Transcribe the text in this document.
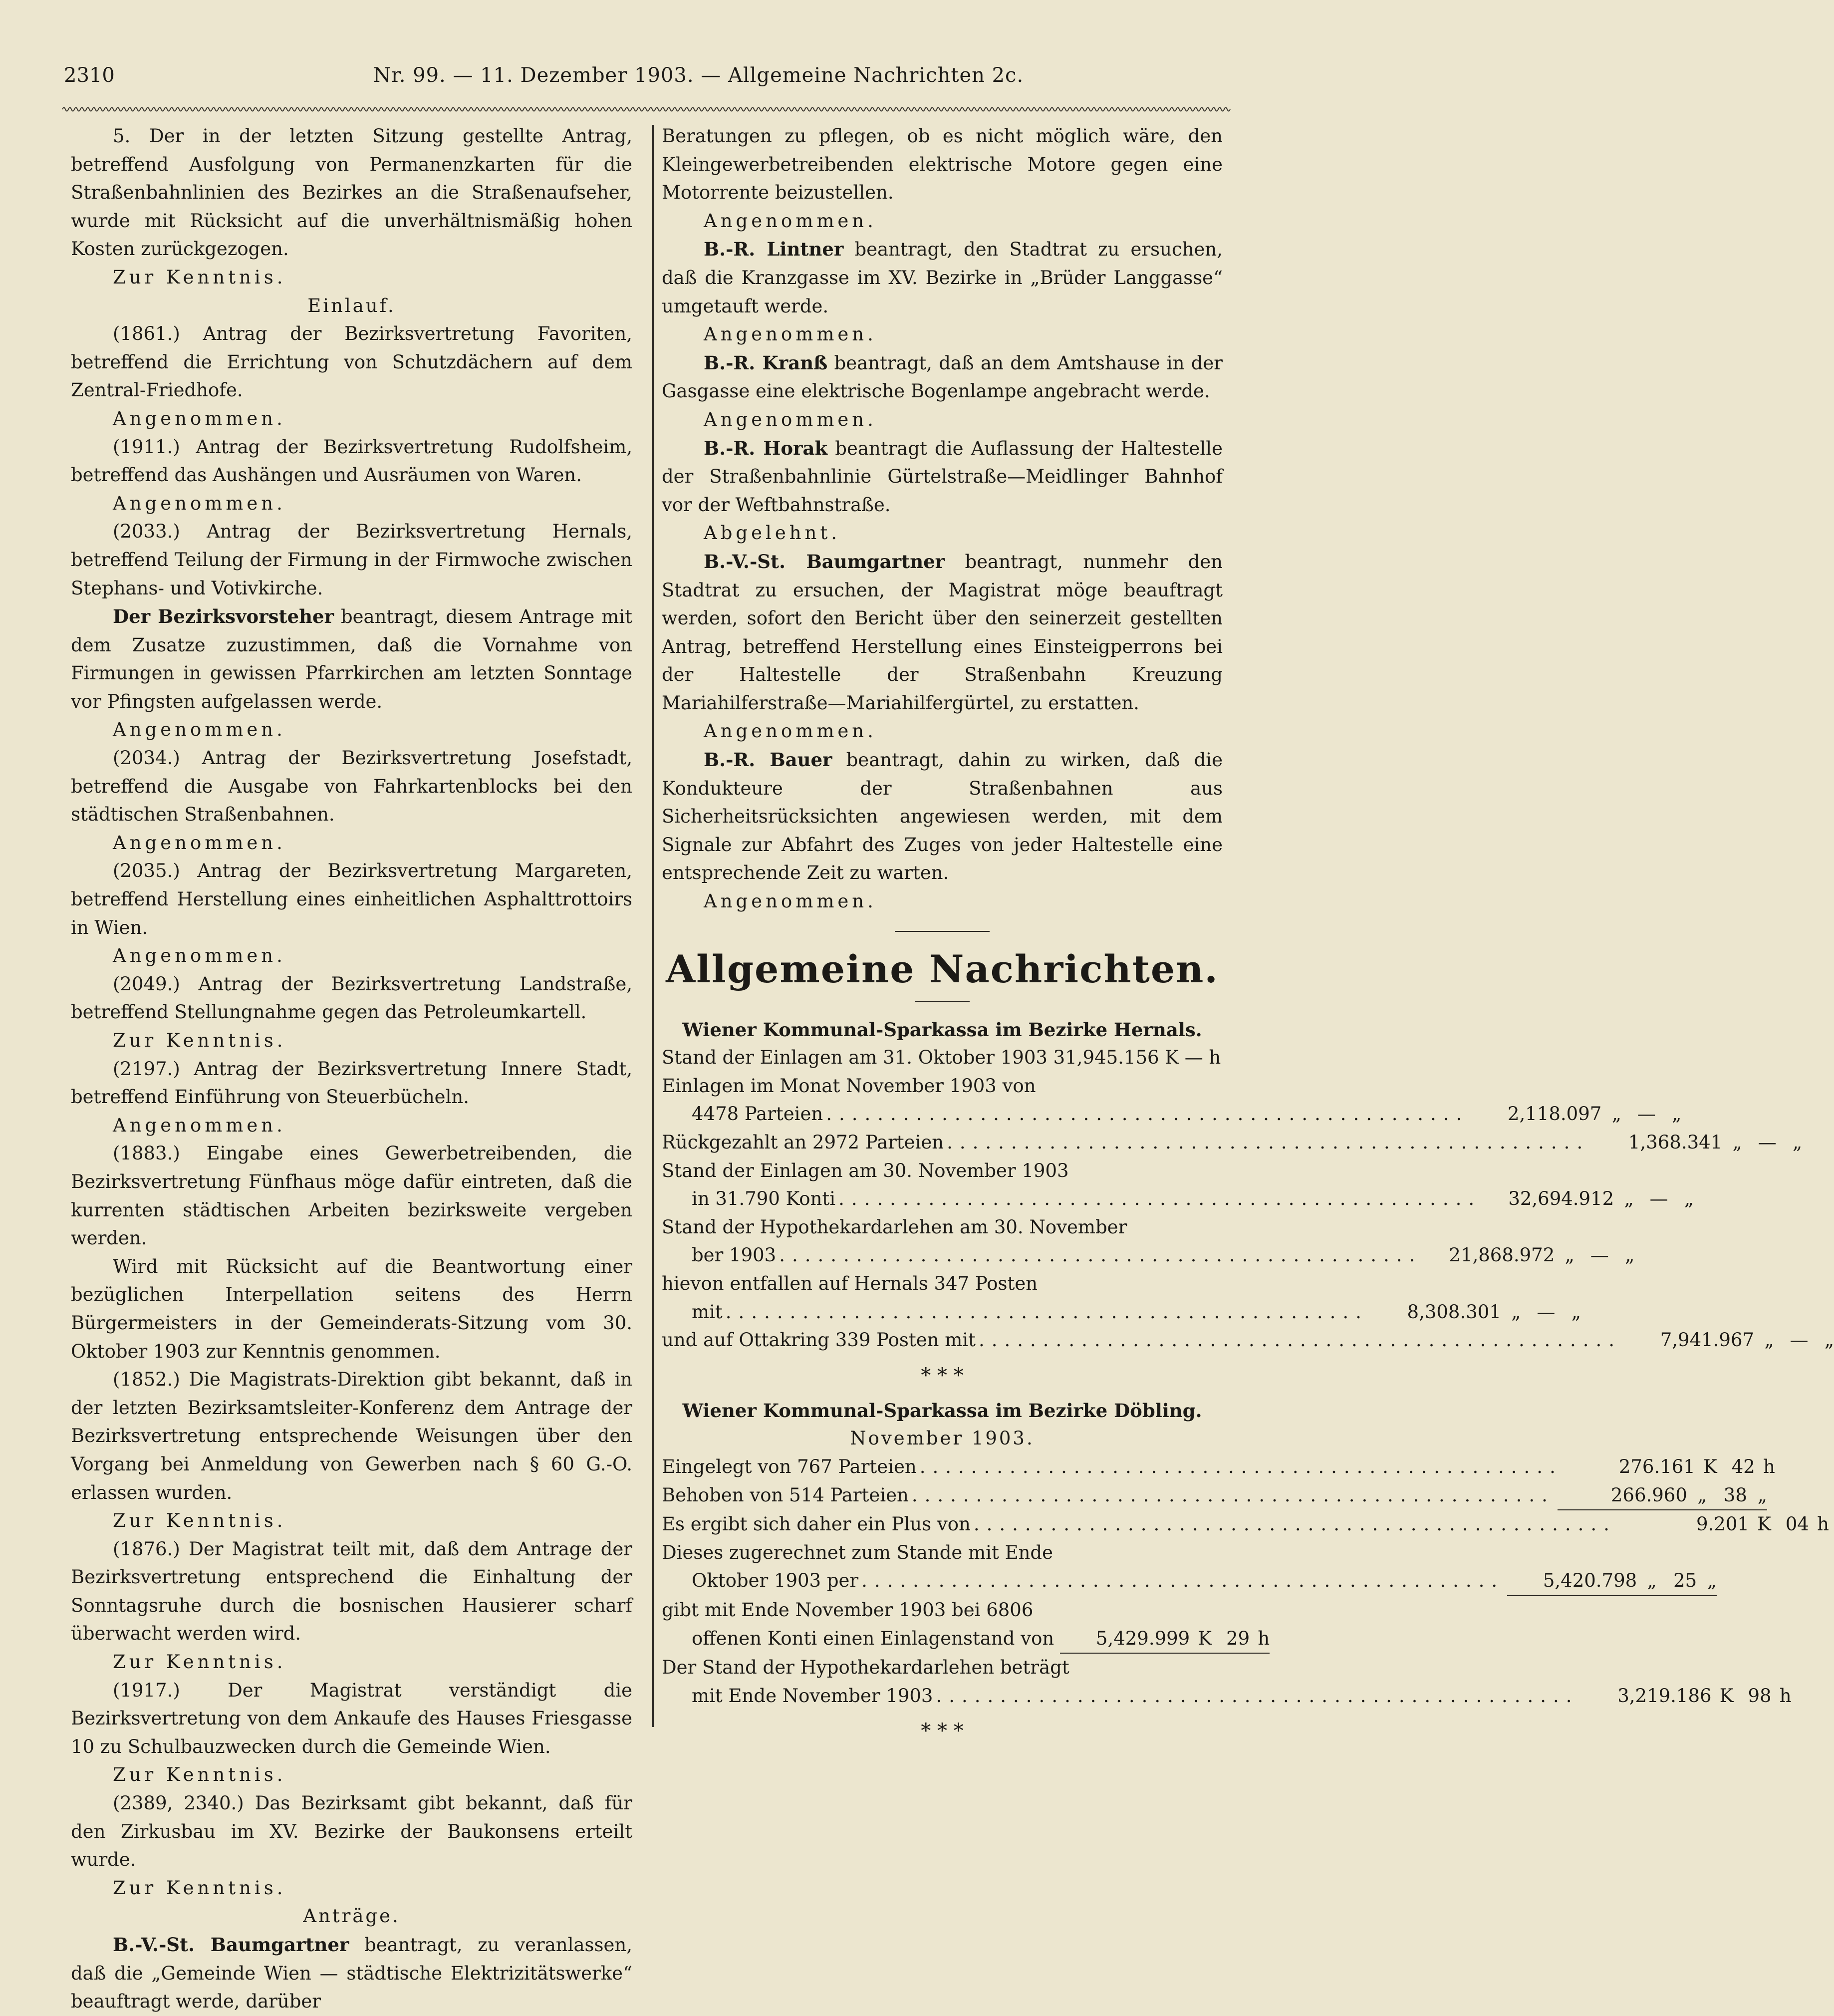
2310	Nr. 99. — 11. Dezember 1903. — Allgemeine Nachrichten 2c.

5. Der in der letzten Sitzung gestellte Antrag, betreffend Ausfolgung von Permanenzkarten für die Straßenbahnlinien des Bezirkes an die Straßenaufseher, wurde mit Rücksicht auf die unverhältnismäßig hohen Kosten zurückgezogen.

Zur Kenntnis.

Einlauf.

(1861.) Antrag der Bezirksvertretung Favoriten, betreffend die Errichtung von Schutzdächern auf dem Zentral-Friedhofe.

Angenommen.

(1911.) Antrag der Bezirksvertretung Rudolfsheim, betreffend das Aushängen und Ausräumen von Waren.

Angenommen.

(2033.) Antrag der Bezirksvertretung Hernals, betreffend Teilung der Firmung in der Firmwoche zwischen Stephans- und Votivkirche.

Der Bezirksvorsteher beantragt, diesem Antrage mit dem Zusatze zuzustimmen, daß die Vornahme von Firmungen in gewissen Pfarrkirchen am letzten Sonntage vor Pfingsten aufgelassen werde.

Angenommen.

(2034.) Antrag der Bezirksvertretung Josefstadt, betreffend die Ausgabe von Fahrkartenblocks bei den städtischen Straßenbahnen.

Angenommen.

(2035.) Antrag der Bezirksvertretung Margareten, betreffend Herstellung eines einheitlichen Asphalttrottoirs in Wien.

Angenommen.

(2049.) Antrag der Bezirksvertretung Landstraße, betreffend Stellungnahme gegen das Petroleumkartell.

Zur Kenntnis.

(2197.) Antrag der Bezirksvertretung Innere Stadt, betreffend Einführung von Steuerbücheln.

Angenommen.

(1883.) Eingabe eines Gewerbetreibenden, die Bezirksvertretung Fünfhaus möge dafür eintreten, daß die kurrenten städtischen Arbeiten bezirksweite vergeben werden.

Wird mit Rücksicht auf die Beantwortung einer bezüglichen Interpellation seitens des Herrn Bürgermeisters in der Gemeinderats-Sitzung vom 30. Oktober 1903 zur Kenntnis genommen.

(1852.) Die Magistrats-Direktion gibt bekannt, daß in der letzten Bezirksamtsleiter-Konferenz dem Antrage der Bezirksvertretung entsprechende Weisungen über den Vorgang bei Anmeldung von Gewerben nach § 60 G.-O. erlassen wurden.

Zur Kenntnis.

(1876.) Der Magistrat teilt mit, daß dem Antrage der Bezirksvertretung entsprechend die Einhaltung der Sonntagsruhe durch die bosnischen Hausierer scharf überwacht werden wird.

Zur Kenntnis.

(1917.) Der Magistrat verständigt die Bezirksvertretung von dem Ankaufe des Hauses Friesgasse 10 zu Schulbauzwecken durch die Gemeinde Wien.

Zur Kenntnis.

(2389, 2340.) Das Bezirksamt gibt bekannt, daß für den Zirkusbau im XV. Bezirke der Baukonsens erteilt wurde.

Zur Kenntnis.

Anträge.

B.-V.-St. Baumgartner beantragt, zu veranlassen, daß die „Gemeinde Wien — städtische Elektrizitätswerke“ beauftragt werde, darüber

Beratungen zu pflegen, ob es nicht möglich wäre, den Kleingewerbetreibenden elektrische Motore gegen eine Motorrente beizustellen.

Angenommen.

B.-R. Lintner beantragt, den Stadtrat zu ersuchen, daß die Kranzgasse im XV. Bezirke in „Brüder Langgasse“ umgetauft werde.

Angenommen.

B.-R. Kranß beantragt, daß an dem Amtshause in der Gasgasse eine elektrische Bogenlampe angebracht werde.

Angenommen.

B.-R. Horak beantragt die Auflassung der Haltestelle der Straßenbahnlinie Gürtelstraße—Meidlinger Bahnhof vor der Weftbahnstraße.

Abgelehnt.

B.-V.-St. Baumgartner beantragt, nunmehr den Stadtrat zu ersuchen, der Magistrat möge beauftragt werden, sofort den Bericht über den seinerzeit gestellten Antrag, betreffend Herstellung eines Einsteigperrons bei der Haltestelle der Straßenbahn Kreuzung Mariahilferstraße—Mariahilfergürtel, zu erstatten.

Angenommen.

B.-R. Bauer beantragt, dahin zu wirken, daß die Kondukteure der Straßenbahnen aus Sicherheitsrücksichten angewiesen werden, mit dem Signale zur Abfahrt des Zuges von jeder Haltestelle eine entsprechende Zeit zu warten.

Angenommen.

Allgemeine Nachrichten.

Wiener Kommunal-Sparkassa im Bezirke Hernals.

Stand der Einlagen am 31. Oktober 1903 31,945.156 K — h
Einlagen im Monat November 1903 von
4478 Parteien ..................................................	2,118.097 „ — „
Rückgezahlt an 2972 Parteien ..................................................	1,368.341 „ — „
Stand der Einlagen am 30. November 1903
in 31.790 Konti ..................................................	32,694.912 „ — „
Stand der Hypothekardarlehen am 30. November
ber 1903 ..................................................	21,868.972 „ — „
hievon entfallen auf Hernals 347 Posten
mit ..................................................	8,308.301 „ — „
und auf Ottakring 339 Posten mit ..................................................	7,941.967 „ — „
* * *

Wiener Kommunal-Sparkassa im Bezirke Döbling.

November 1903.

Eingelegt von 767 Parteien ..................................................	276.161 K 42 h
Behoben von 514 Parteien ..................................................	266.960 „ 38 „
Es ergibt sich daher ein Plus von ..................................................	9.201 K 04 h
Dieses zugerechnet zum Stande mit Ende
Oktober 1903 per ..................................................	5,420.798 „ 25 „
gibt mit Ende November 1903 bei 6806
offenen Konti einen Einlagenstand von	5,429.999 K 29 h
Der Stand der Hypothekardarlehen beträgt
mit Ende November 1903 ..................................................	3,219.186 K 98 h
* * *
